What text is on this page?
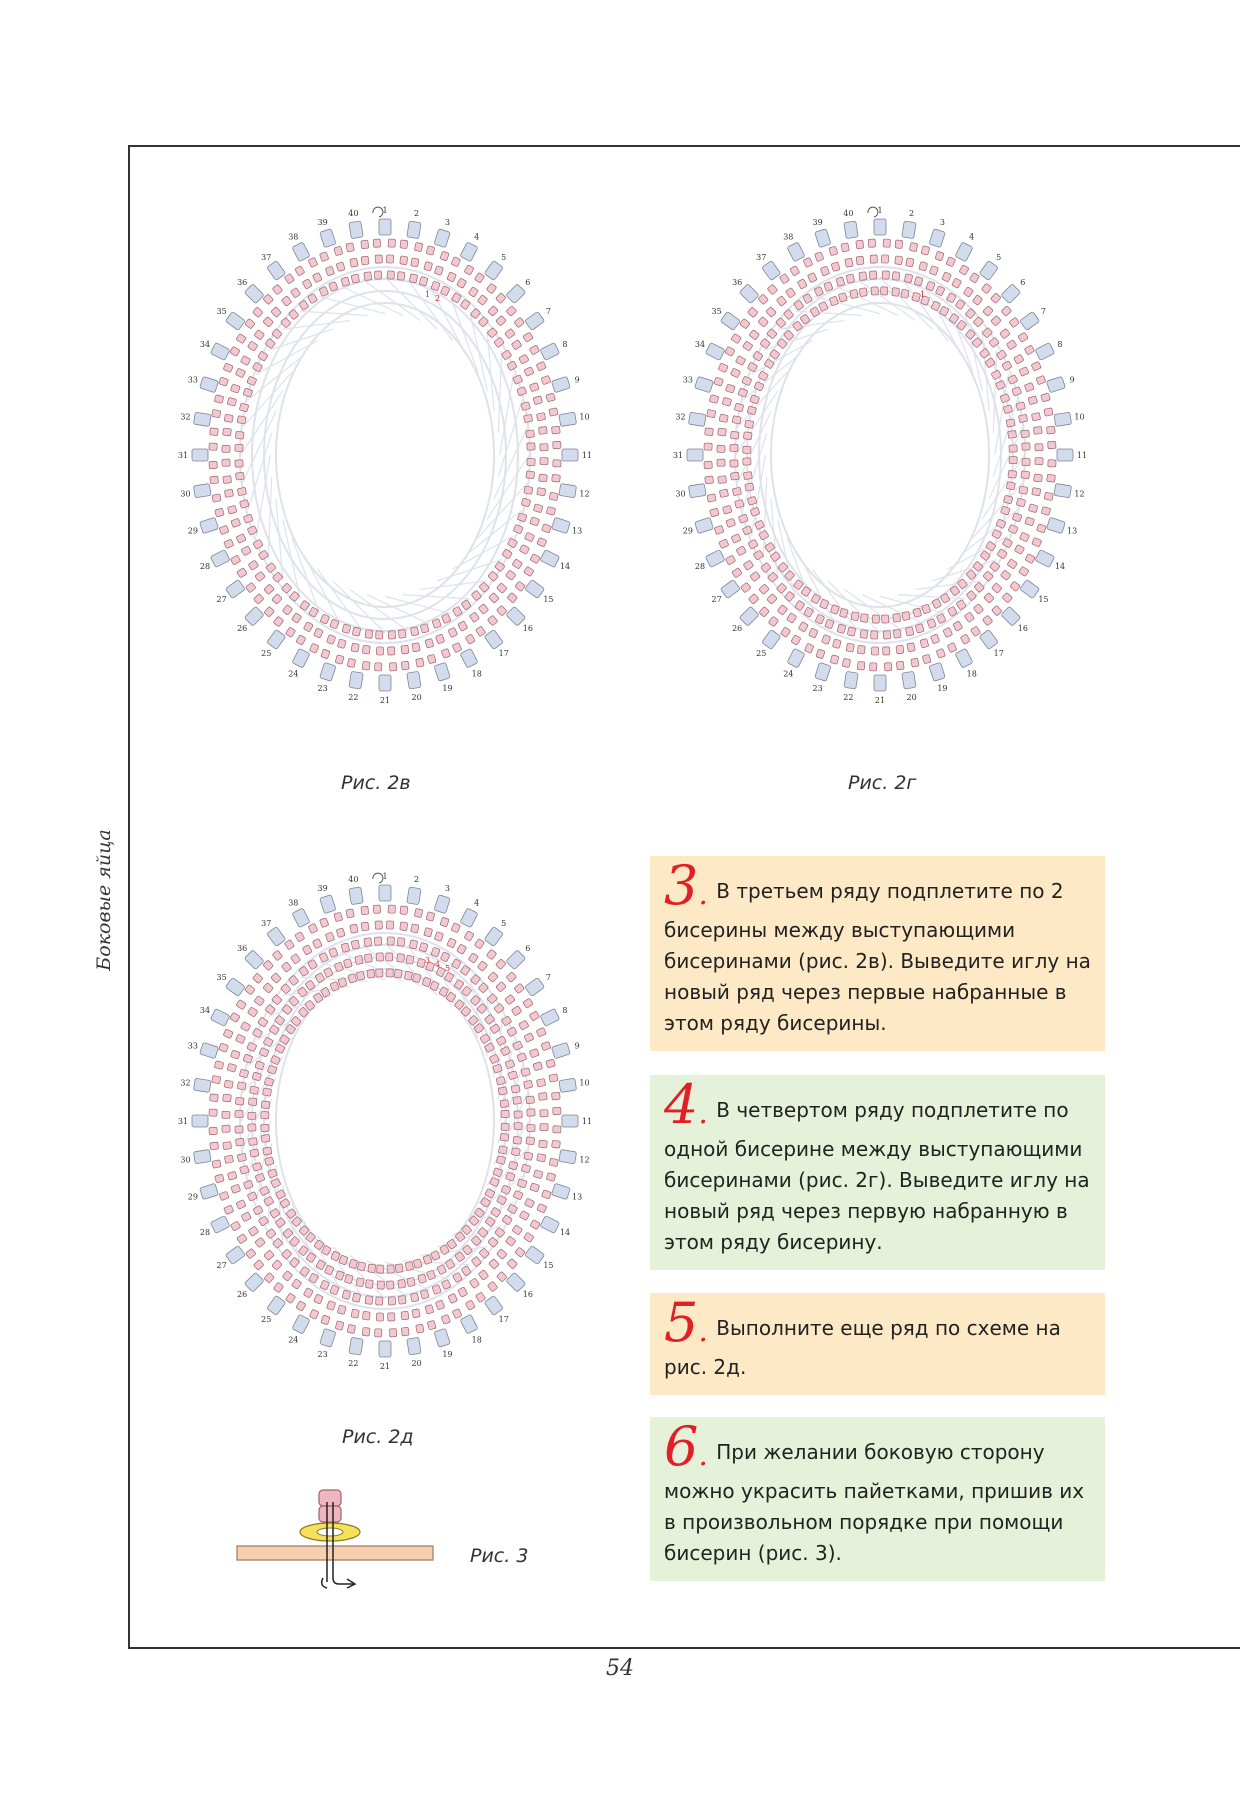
Боковые яйца
1	2
3
4
5
6
7
8
9
10
11
12
13
14
15
16
17
18
19
20
21
22
23
24
25
26
27
28
29
30
31
32
33
34
35
36
37
38
39
40
1 2
Рис. 2в
1	2
3
4
5
6
7
8
9
10
11
12
13
14
15
16
17
18
19
20
21
22
23
24
25
26
27
28
29
30
31
32
33
34
35
36
37
38
39
40
1
Рис. 2г
1	2
3
4
5
6
7
8
9
10
11
12
13
14
15
16
17
18
19
20
21
22
23
24
25
26
27
28
29
30
31
32
33
34
35
36
37
38
39
40
3 4 5
Рис. 2д
Рис. 3
3. В третьем ряду подплетите по 2 бисерины между выступающими бисеринами (рис. 2в). Выведите иглу на новый ряд через первые набранные в этом ряду бисерины.
4. В четвертом ряду подплетите по одной бисерине между выступающими бисеринами (рис. 2г). Выведите иглу на новый ряд через первую набранную в этом ряду бисерину.
5. Выполните еще ряд по схеме на рис. 2д.
6. При желании боковую сторону можно украсить пайетками, пришив их в произвольном порядке при помощи бисерин (рис. 3).
54
